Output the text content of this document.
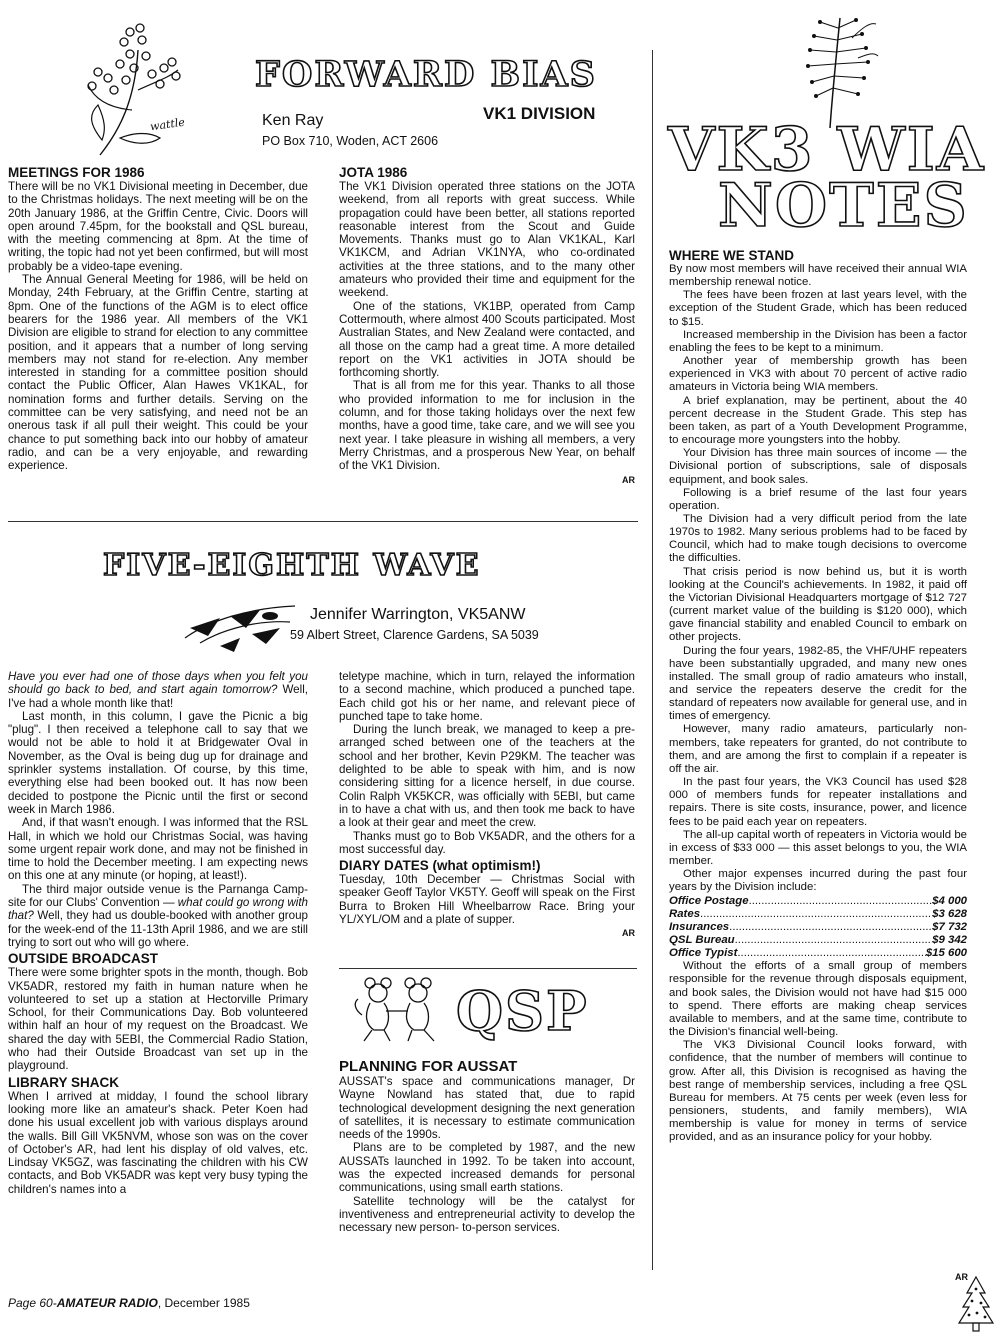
wattle
FORWARD BIAS
Ken Ray	VK1 DIVISION
PO Box 710, Woden, ACT 2606
MEETINGS FOR 1986

There will be no VK1 Divisional meeting in December, due to the Christmas holidays. The next meeting will be on the 20th January 1986, at the Griffin Centre, Civic. Doors will open around 7.45pm, for the bookstall and QSL bureau, with the meeting commencing at 8pm. At the time of writing, the topic had not yet been confirmed, but will most probably be a video-tape evening.

The Annual General Meeting for 1986, will be held on Monday, 24th February, at the Griffin Centre, starting at 8pm. One of the functions of the AGM is to elect office bearers for the 1986 year. All members of the VK1 Division are eligible to strand for election to any committee position, and it appears that a number of long serving members may not stand for re-election. Any member interested in standing for a committee position should contact the Public Officer, Alan Hawes VK1KAL, for nomination forms and further details. Serving on the committee can be very satisfying, and need not be an onerous task if all pull their weight. This could be your chance to put something back into our hobby of amateur radio, and can be a very enjoyable, and rewarding experience.

JOTA 1986

The VK1 Division operated three stations on the JOTA weekend, from all reports with great success. While propagation could have been better, all stations reported reasonable interest from the Scout and Guide Movements. Thanks must go to Alan VK1KAL, Karl VK1KCM, and Adrian VK1NYA, who co-ordinated activities at the three stations, and to the many other amateurs who provided their time and equipment for the weekend.

One of the stations, VK1BP, operated from Camp Cottermouth, where almost 400 Scouts participated. Most Australian States, and New Zealand were contacted, and all those on the camp had a great time. A more detailed report on the VK1 activities in JOTA should be forthcoming shortly.

That is all from me for this year. Thanks to all those who provided information to me for inclusion in the column, and for those taking holidays over the next few months, have a good time, take care, and we will see you next year. I take pleasure in wishing all members, a very Merry Christmas, and a prosperous New Year, on behalf of the VK1 Division.

AR
FIVE-EIGHTH WAVE
Jennifer Warrington, VK5ANW
59 Albert Street, Clarence Gardens, SA 5039

Have you ever had one of those days when you felt you should go back to bed, and start again tomorrow? Well, I've had a whole month like that!

Last month, in this column, I gave the Picnic a big "plug". I then received a telephone call to say that we would not be able to hold it at Bridgewater Oval in November, as the Oval is being dug up for drainage and sprinkler systems installation. Of course, by this time, everything else had been booked out. It has now been decided to postpone the Picnic until the first or second week in March 1986.

And, if that wasn't enough. I was informed that the RSL Hall, in which we hold our Christmas Social, was having some urgent repair work done, and may not be finished in time to hold the December meeting. I am expecting news on this one at any minute (or hoping, at least!).

The third major outside venue is the Parnanga Camp-site for our Clubs' Convention — what could go wrong with that? Well, they had us double-booked with another group for the week-end of the 11-13th April 1986, and we are still trying to sort out who will go where.

OUTSIDE BROADCAST

There were some brighter spots in the month, though. Bob VK5ADR, restored my faith in human nature when he volunteered to set up a station at Hectorville Primary School, for their Communications Day. Bob volunteered within half an hour of my request on the Broadcast. We shared the day with 5EBI, the Commercial Radio Station, who had their Outside Broadcast van set up in the playground.

LIBRARY SHACK

When I arrived at midday, I found the school library looking more like an amateur's shack. Peter Koen had done his usual excellent job with various displays around the walls. Bill Gill VK5NVM, whose son was on the cover of October's AR, had lent his display of old valves, etc. Lindsay VK5GZ, was fascinating the children with his CW contacts, and Bob VK5ADR was kept very busy typing the children's names into a

teletype machine, which in turn, relayed the information to a second machine, which produced a punched tape. Each child got his or her name, and relevant piece of punched tape to take home.

During the lunch break, we managed to keep a pre-arranged sched between one of the teachers at the school and her brother, Kevin P29KM. The teacher was delighted to be able to speak with him, and is now considering sitting for a licence herself, in due course. Colin Ralph VK5KCR, was officially with 5EBI, but came in to have a chat with us, and then took me back to have a look at their gear and meet the crew.

Thanks must go to Bob VK5ADR, and the others for a most successful day.

DIARY DATES (what optimism!)

Tuesday, 10th December — Christmas Social with speaker Geoff Taylor VK5TY. Geoff will speak on the First Burra to Broken Hill Wheelbarrow Race. Bring your YL/XYL/OM and a plate of supper.

AR
QSP
PLANNING FOR AUSSAT

AUSSAT's space and communications manager, Dr Wayne Nowland has stated that, due to rapid technological development designing the next generation of satellites, it is necessary to estimate communication needs of the 1990s.

Plans are to be completed by 1987, and the new AUSSATs launched in 1992. To be taken into account, was the expected increased demands for personal communications, using small earth stations.

Satellite technology will be the catalyst for inventiveness and entrepreneurial activity to develop the necessary new person- to-person services.

VK3 WIA
NOTES
WHERE WE STAND

By now most members will have received their annual WIA membership renewal notice.

The fees have been frozen at last years level, with the exception of the Student Grade, which has been reduced to $15.

Increased membership in the Division has been a factor enabling the fees to be kept to a minimum.

Another year of membership growth has been experienced in VK3 with about 70 percent of active radio amateurs in Victoria being WIA members.

A brief explanation, may be pertinent, about the 40 percent decrease in the Student Grade. This step has been taken, as part of a Youth Development Programme, to encourage more youngsters into the hobby.

Your Division has three main sources of income — the Divisional portion of subscriptions, sale of disposals equipment, and book sales.

Following is a brief resume of the last four years operation.

The Division had a very difficult period from the late 1970s to 1982. Many serious problems had to be faced by Council, which had to make tough decisions to overcome the difficulties.

That crisis period is now behind us, but it is worth looking at the Council's achievements. In 1982, it paid off the Victorian Divisional Headquarters mortgage of $12 727 (current market value of the building is $120 000), which gave financial stability and enabled Council to embark on other projects.

During the four years, 1982-85, the VHF/UHF repeaters have been substantially upgraded, and many new ones installed. The small group of radio amateurs who install, and service the repeaters deserve the credit for the standard of repeaters now available for general use, and in times of emergency.

However, many radio amateurs, particularly non-members, take repeaters for granted, do not contribute to them, and are among the first to complain if a repeater is off the air.

In the past four years, the VK3 Council has used $28 000 of members funds for repeater installations and repairs. There is site costs, insurance, power, and licence fees to be paid each year on repeaters.

The all-up capital worth of repeaters in Victoria would be in excess of $33 000 — this asset belongs to you, the WIA member.

Other major expenses incurred during the past four years by the Division include:

Office Postage .....	$4 000
Rates .....	$3 628
Insurances .....	$7 732
QSL Bureau .....	$9 342
Office Typist .....	$15 600

Without the efforts of a small group of members responsible for the revenue through disposals equipment, and book sales, the Division would not have had $15 000 to spend. There efforts are making cheap services available to members, and at the same time, contribute to the Division's financial well-being.

The VK3 Divisional Council looks forward, with confidence, that the number of members will continue to grow. After all, this Division is recognised as having the best range of membership services, including a free QSL Bureau for members. At 75 cents per week (even less for pensioners, students, and family members), WIA membership is value for money in terms of service provided, and as an insurance policy for your hobby.

AR
Page 60-AMATEUR RADIO, December 1985
